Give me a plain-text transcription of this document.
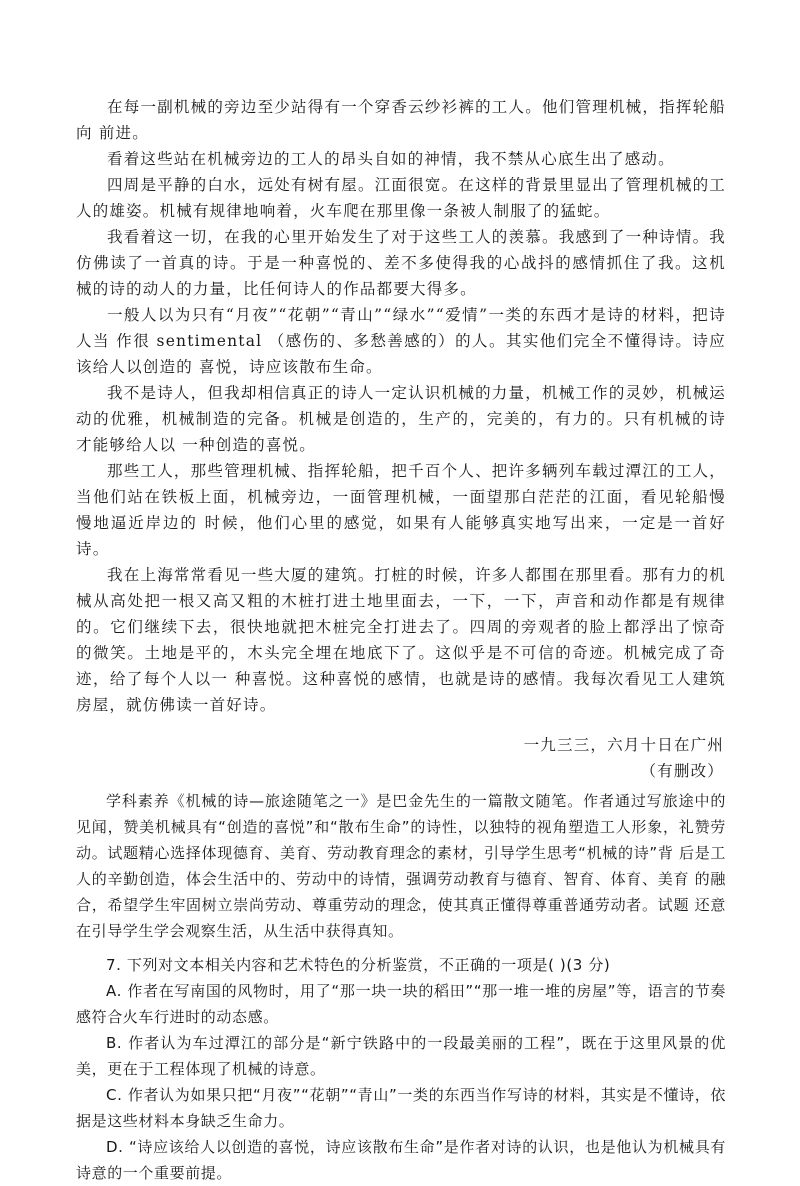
在每一副机械的旁边至少站得有一个穿香云纱衫裤的工人。他们管理机械，指挥轮船向 前进。

看着这些站在机械旁边的工人的昂头自如的神情，我不禁从心底生出了感动。

四周是平静的白水，远处有树有屋。江面很宽。在这样的背景里显出了管理机械的工人的雄姿。机械有规律地响着，火车爬在那里像一条被人制服了的猛蛇。

我看着这一切，在我的心里开始发生了对于这些工人的羡慕。我感到了一种诗情。我仿佛读了一首真的诗。于是一种喜悦的、差不多使得我的心战抖的感情抓住了我。这机械的诗的动人的力量，比任何诗人的作品都要大得多。

一般人以为只有“月夜”“花朝”“青山”“绿水”“爱情”一类的东西才是诗的材料，把诗人当 作很 sentimental （感伤的、多愁善感的）的人。其实他们完全不懂得诗。诗应该给人以创造的 喜悦，诗应该散布生命。

我不是诗人，但我却相信真正的诗人一定认识机械的力量，机械工作的灵妙，机械运动的优雅，机械制造的完备。机械是创造的，生产的，完美的，有力的。只有机械的诗才能够给人以 一种创造的喜悦。

那些工人，那些管理机械、指挥轮船，把千百个人、把许多辆列车载过潭江的工人，当他们站在铁板上面，机械旁边，一面管理机械，一面望那白茫茫的江面，看见轮船慢慢地逼近岸边的 时候，他们心里的感觉，如果有人能够真实地写出来，一定是一首好诗。

我在上海常常看见一些大厦的建筑。打桩的时候，许多人都围在那里看。那有力的机械从高处把一根又高又粗的木桩打进土地里面去，一下，一下，声音和动作都是有规律的。它们继续下去，很快地就把木桩完全打进去了。四周的旁观者的脸上都浮出了惊奇的微笑。土地是平的，木头完全埋在地底下了。这似乎是不可信的奇迹。机械完成了奇迹，给了每个人以一 种喜悦。这种喜悦的感情，也就是诗的感情。我每次看见工人建筑房屋，就仿佛读一首好诗。

一九三三，六月十日在广州

（有删改）

学科素养《机械的诗—旅途随笔之一》是巴金先生的一篇散文随笔。作者通过写旅途中的见闻，赞美机械具有“创造的喜悦”和“散布生命”的诗性，以独特的视角塑造工人形象，礼赞劳动。试题精心选择体现德育、美育、劳动教育理念的素材，引导学生思考“机械的诗”背 后是工人的辛勤创造，体会生活中的、劳动中的诗情，强调劳动教育与德育、智育、体育、美育 的融合，希望学生牢固树立崇尚劳动、尊重劳动的理念，使其真正懂得尊重普通劳动者。试题 还意在引导学生学会观察生活，从生活中获得真知。

7. 下列对文本相关内容和艺术特色的分析鉴赏，不正确的一项是( )(3 分)

A. 作者在写南国的风物时，用了“那一块一块的稻田”“那一堆一堆的房屋”等，语言的节奏 感符合火车行进时的动态感。

B. 作者认为车过潭江的部分是“新宁铁路中的一段最美丽的工程”，既在于这里风景的优 美，更在于工程体现了机械的诗意。

C. 作者认为如果只把“月夜”“花朝”“青山”一类的东西当作写诗的材料，其实是不懂诗，依 据是这些材料本身缺乏生命力。

D. “诗应该给人以创造的喜悦，诗应该散布生命”是作者对诗的认识，也是他认为机械具有 诗意的一个重要前提。
